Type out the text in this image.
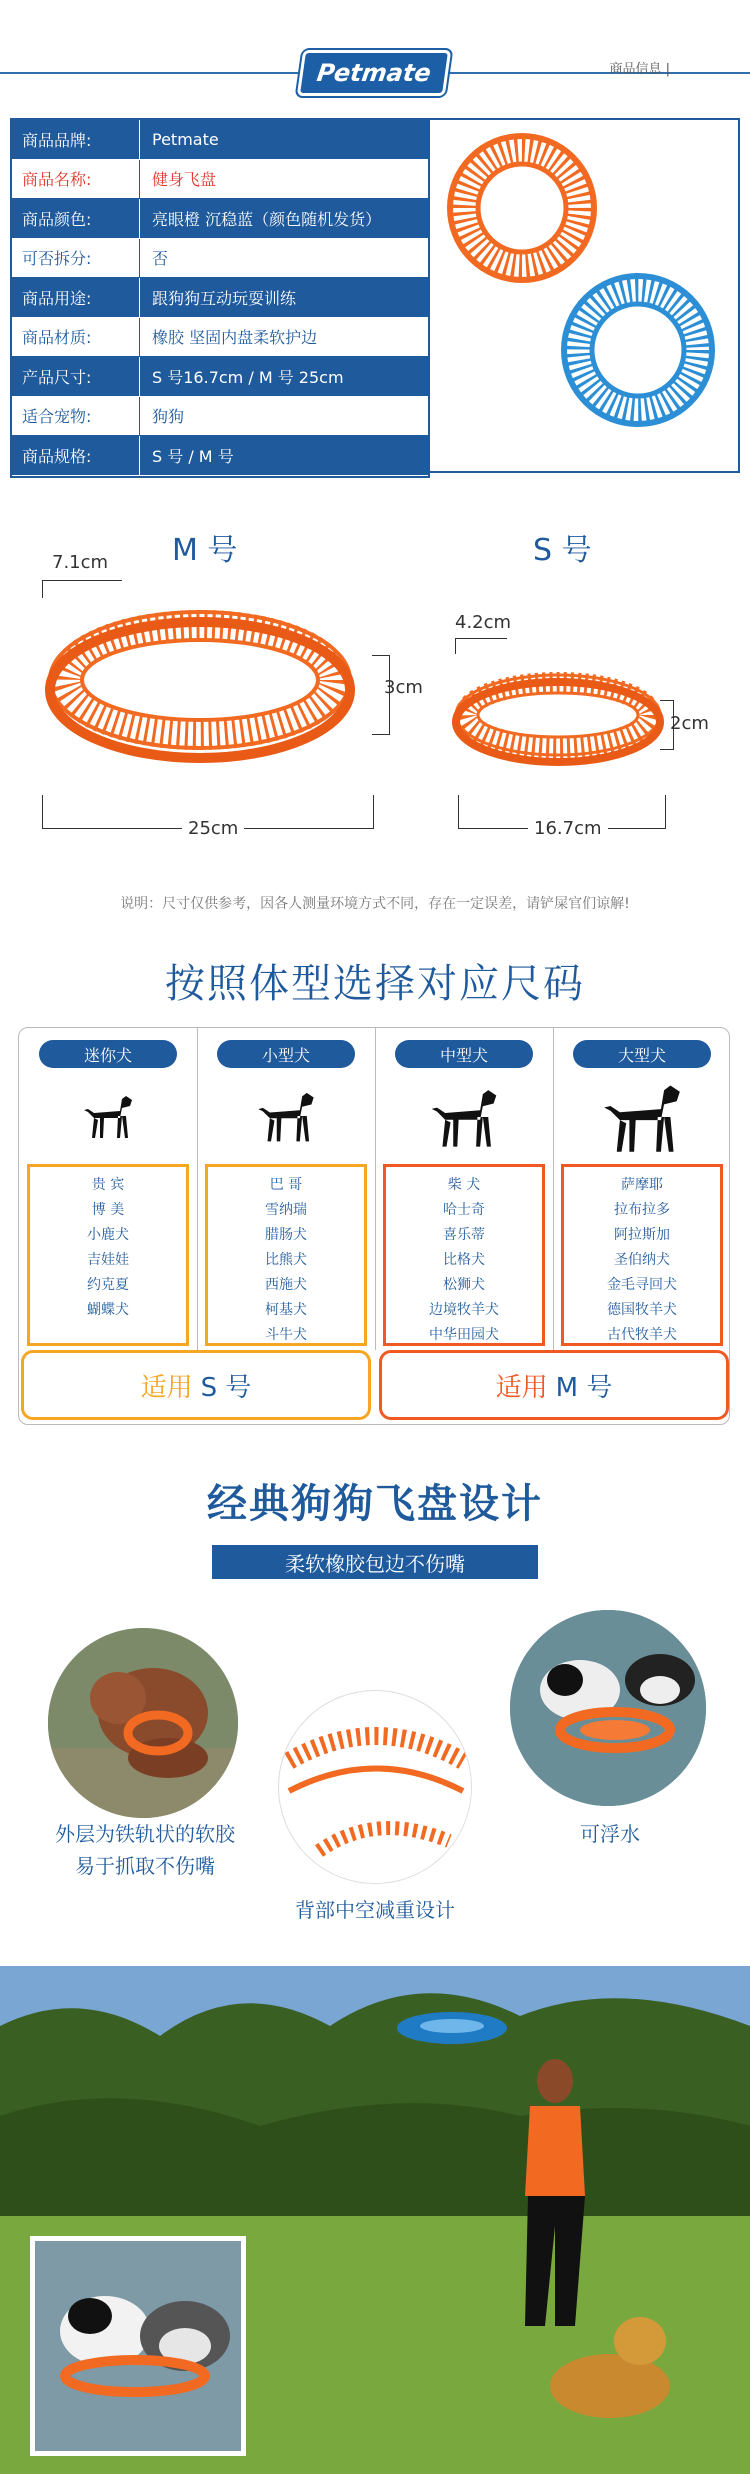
Petmate	商品信息 |
商品品牌:	Petmate
商品名称:	健身飞盘
商品颜色:	亮眼橙 沉稳蓝（颜色随机发货）
可否拆分:	否
商品用途:	跟狗狗互动玩耍训练
商品材质:	橡胶 坚固内盘柔软护边
产品尺寸:	S 号16.7cm / M 号 25cm
适合宠物:	狗狗
商品规格:	S 号 / M 号
M 号	S 号
7.1cm
3cm
25cm
4.2cm
2cm
16.7cm
说明：尺寸仅供参考，因各人测量环境方式不同，存在一定误差，请铲屎官们谅解!
按照体型选择对应尺码
迷你犬
贵 宾
博 美
小鹿犬
吉娃娃
约克夏
蝴蝶犬
小型犬
巴 哥
雪纳瑞
腊肠犬
比熊犬
西施犬
柯基犬
斗牛犬
中型犬
柴 犬
哈士奇
喜乐蒂
比格犬
松狮犬
边境牧羊犬
中华田园犬
大型犬
萨摩耶
拉布拉多
阿拉斯加
圣伯纳犬
金毛寻回犬
德国牧羊犬
古代牧羊犬
适用 S 号	适用 M 号
经典狗狗飞盘设计
柔软橡胶包边不伤嘴
外层为铁轨状的软胶
易于抓取不伤嘴
背部中空减重设计
可浮水
